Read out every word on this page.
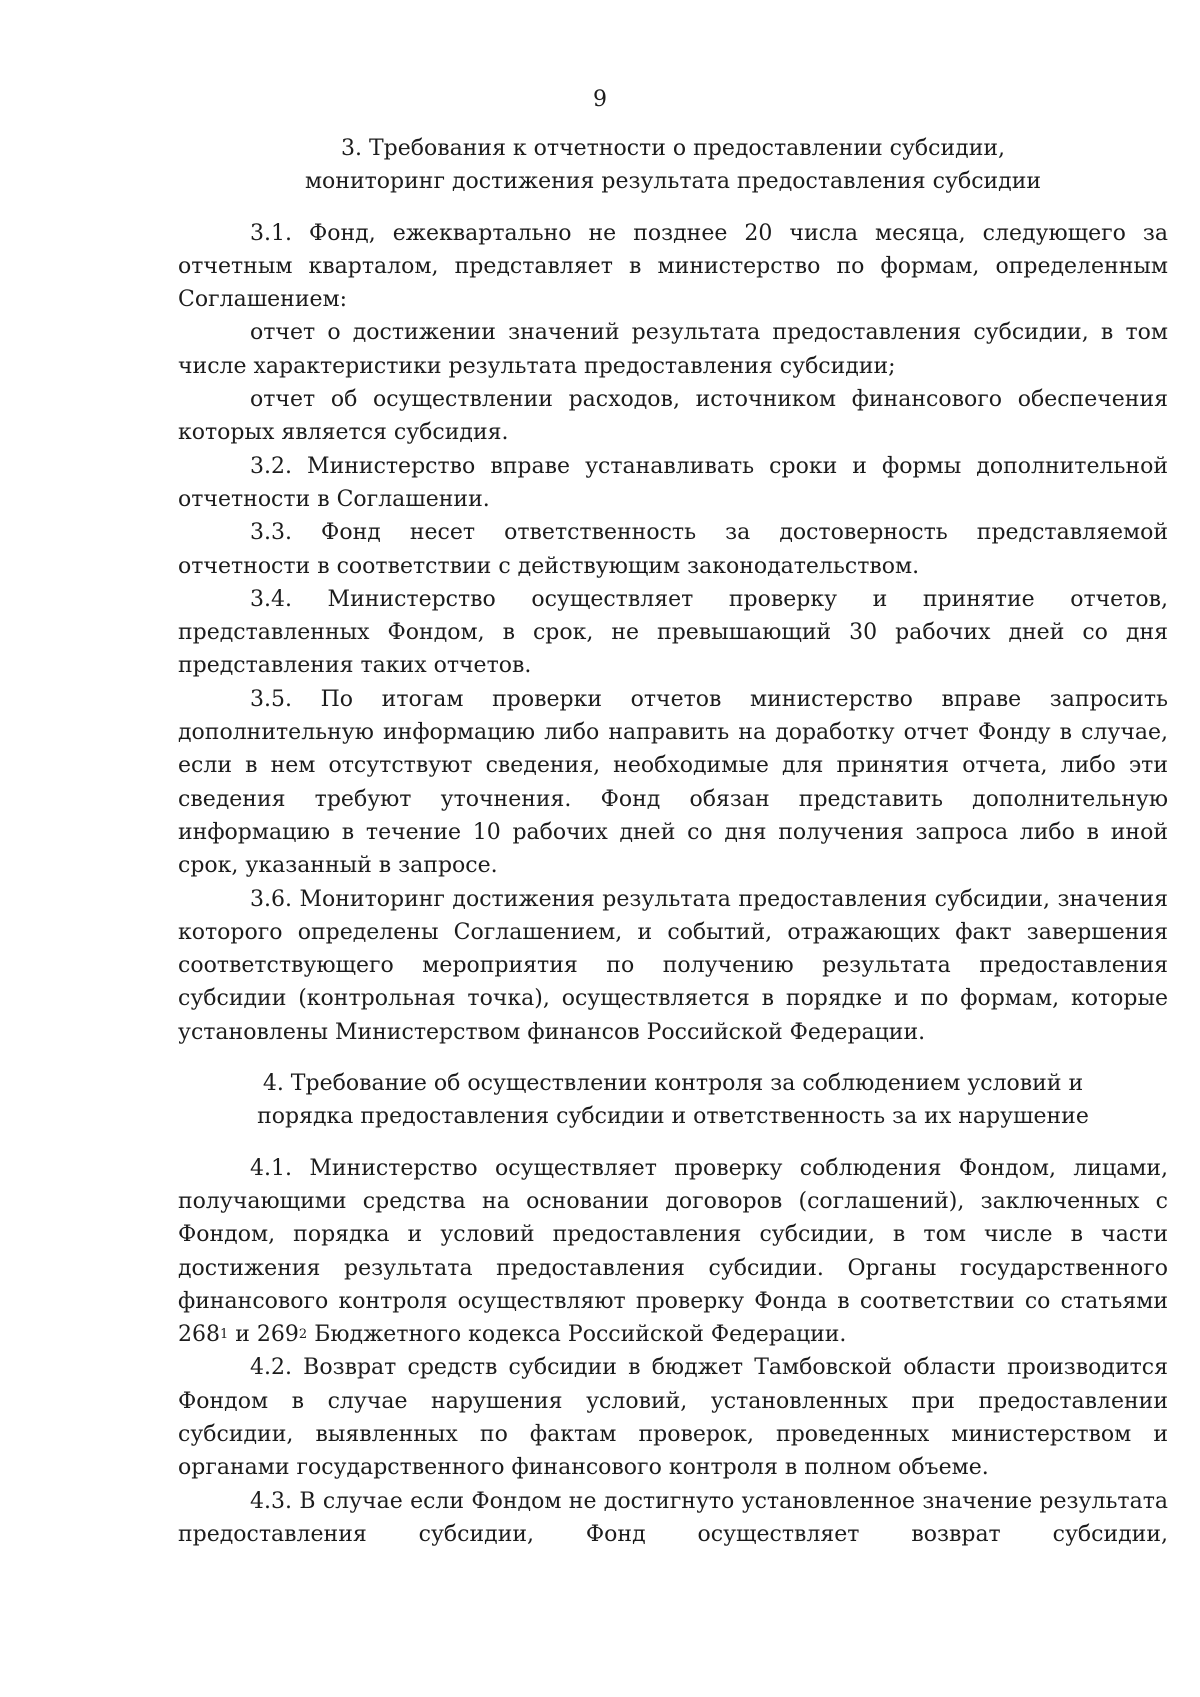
9
3. Требования к отчетности о предоставлении субсидии,
мониторинг достижения результата предоставления субсидии

3.1. Фонд, ежеквартально не позднее 20 числа месяца, следующего за отчетным кварталом, представляет в министерство по формам, определенным Соглашением:

отчет о достижении значений результата предоставления субсидии, в том числе характеристики результата предоставления субсидии;

отчет об осуществлении расходов, источником финансового обеспечения которых является субсидия.

3.2. Министерство вправе устанавливать сроки и формы дополнительной отчетности в Соглашении.

3.3. Фонд несет ответственность за достоверность представляемой отчетности в соответствии с действующим законодательством.

3.4. Министерство осуществляет проверку и принятие отчетов, представленных Фондом, в срок, не превышающий 30 рабочих дней со дня представления таких отчетов.

3.5. По итогам проверки отчетов министерство вправе запросить дополнительную информацию либо направить на доработку отчет Фонду в случае, если в нем отсутствуют сведения, необходимые для принятия отчета, либо эти сведения требуют уточнения. Фонд обязан представить дополнительную информацию в течение 10 рабочих дней со дня получения запроса либо в иной срок, указанный в запросе.

3.6. Мониторинг достижения результата предоставления субсидии, значения которого определены Соглашением, и событий, отражающих факт завершения соответствующего мероприятия по получению результата предоставления субсидии (контрольная точка), осуществляется в порядке и по формам, которые установлены Министерством финансов Российской Федерации.

4. Требование об осуществлении контроля за соблюдением условий и
порядка предоставления субсидии и ответственность за их нарушение

4.1. Министерство осуществляет проверку соблюдения Фондом, лицами, получающими средства на основании договоров (соглашений), заключенных с Фондом, порядка и условий предоставления субсидии, в том числе в части достижения результата предоставления субсидии. Органы государственного финансового контроля осуществляют проверку Фонда в соответствии со статьями $268^1$ и $269^2$ Бюджетного кодекса Российской Федерации.

4.2. Возврат средств субсидии в бюджет Тамбовской области производится Фондом в случае нарушения условий, установленных при предоставлении субсидии, выявленных по фактам проверок, проведенных министерством и органами государственного финансового контроля в полном объеме.

4.3. В случае если Фондом не достигнуто установленное значение результата предоставления субсидии, Фонд осуществляет возврат субсидии,
